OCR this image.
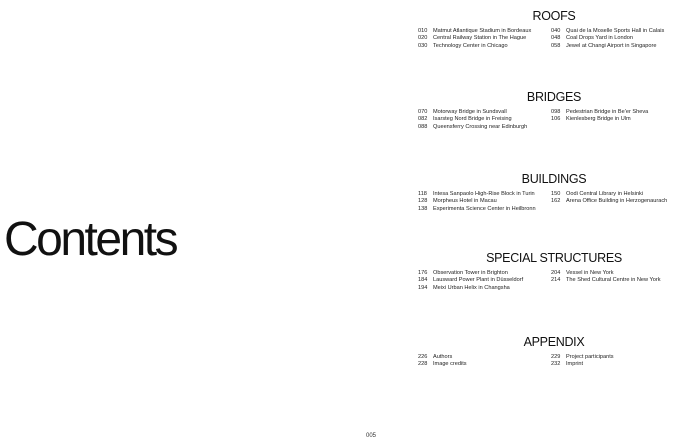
Contents
ROOFS
010	Matmut Atlantique Stadium in Bordeaux
020	Central Railway Station in The Hague
030	Technology Center in Chicago
040	Quai de la Moselle Sports Hall in Calais
048	Coal Drops Yard in London
058	Jewel at Changi Airport in Singapore
BRIDGES
070	Motorway Bridge in Sundsvall
082	Isarsteg Nord Bridge in Freising
088	Queensferry Crossing near Edinburgh
098	Pedestrian Bridge in Be'er Sheva
106	Kienlesberg Bridge in Ulm
BUILDINGS
118	Intesa Sanpaolo High-Rise Block in Turin
128	Morpheus Hotel in Macau
138	Experimenta Science Center in Heilbronn
150	Oodi Central Library in Helsinki
162	Arena Office Building in Herzogenaurach
SPECIAL STRUCTURES
176	Observation Tower in Brighton
184	Lausward Power Plant in Düsseldorf
194	Meixi Urban Helix in Changsha
204	Vessel in New York
214	The Shed Cultural Centre in New York
APPENDIX
226	Authors
228	Image credits
229	Project participants
232	Imprint
005
